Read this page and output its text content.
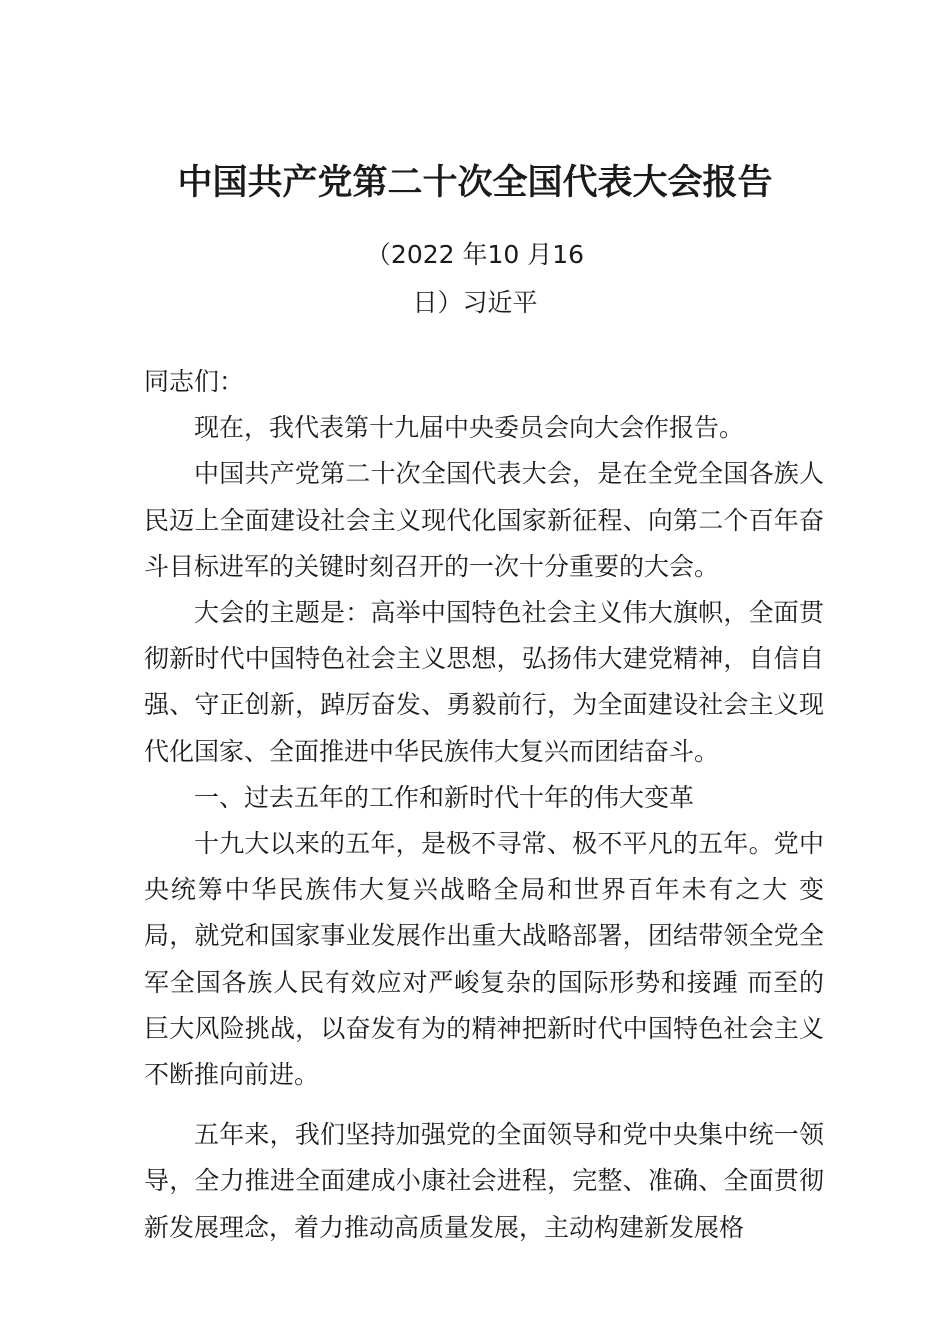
中国共产党第二十次全国代表大会报告
（2022 年10 月16
日）习近平

同志们：

现在，我代表第十九届中央委员会向大会作报告。

中国共产党第二十次全国代表大会，是在全党全国各族人民迈上全面建设社会主义现代化国家新征程、向第二个百年奋斗目标进军的关键时刻召开的一次十分重要的大会。

大会的主题是：高举中国特色社会主义伟大旗帜，全面贯彻新时代中国特色社会主义思想，弘扬伟大建党精神，自信自强、守正创新，踔厉奋发、勇毅前行，为全面建设社会主义现代化国家、全面推进中华民族伟大复兴而团结奋斗。

一、过去五年的工作和新时代十年的伟大变革

十九大以来的五年，是极不寻常、极不平凡的五年。党中央统筹中华民族伟大复兴战略全局和世界百年未有之大 变局，就党和国家事业发展作出重大战略部署，团结带领全党全军全国各族人民有效应对严峻复杂的国际形势和接踵 而至的巨大风险挑战，以奋发有为的精神把新时代中国特色社会主义不断推向前进。

五年来，我们坚持加强党的全面领导和党中央集中统一领导，全力推进全面建成小康社会进程，完整、准确、全面贯彻新发展理念，着力推动高质量发展，主动构建新发展格
